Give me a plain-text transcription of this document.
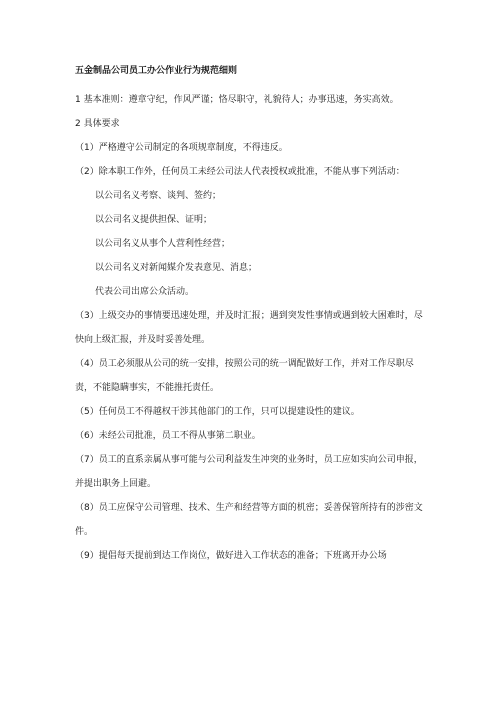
五金制品公司员工办公作业行为规范细则

1 基本准则：遵章守纪，作风严谨；恪尽职守，礼貌待人；办事迅速，务实高效。

2 具体要求

（1）严格遵守公司制定的各项规章制度，不得违反。

（2）除本职工作外，任何员工未经公司法人代表授权或批准，不能从事下列活动：

以公司名义考察、谈判、签约；

以公司名义提供担保、证明；

以公司名义从事个人营利性经营；

以公司名义对新闻媒介发表意见、消息；

代表公司出席公众活动。

（3）上级交办的事情要迅速处理，并及时汇报；遇到突发性事情或遇到较大困难时，尽快向上级汇报，并及时妥善处理。

（4）员工必须服从公司的统一安排，按照公司的统一调配做好工作，并对工作尽职尽责，不能隐瞒事实，不能推托责任。

（5）任何员工不得越权干涉其他部门的工作，只可以提建设性的建议。

（6）未经公司批准，员工不得从事第二职业。

（7）员工的直系亲属从事可能与公司利益发生冲突的业务时，员工应如实向公司申报，并提出职务上回避。

（8）员工应保守公司管理、技术、生产和经营等方面的机密；妥善保管所持有的涉密文件。

（9）提倡每天提前到达工作岗位，做好进入工作状态的准备；下班离开办公场
